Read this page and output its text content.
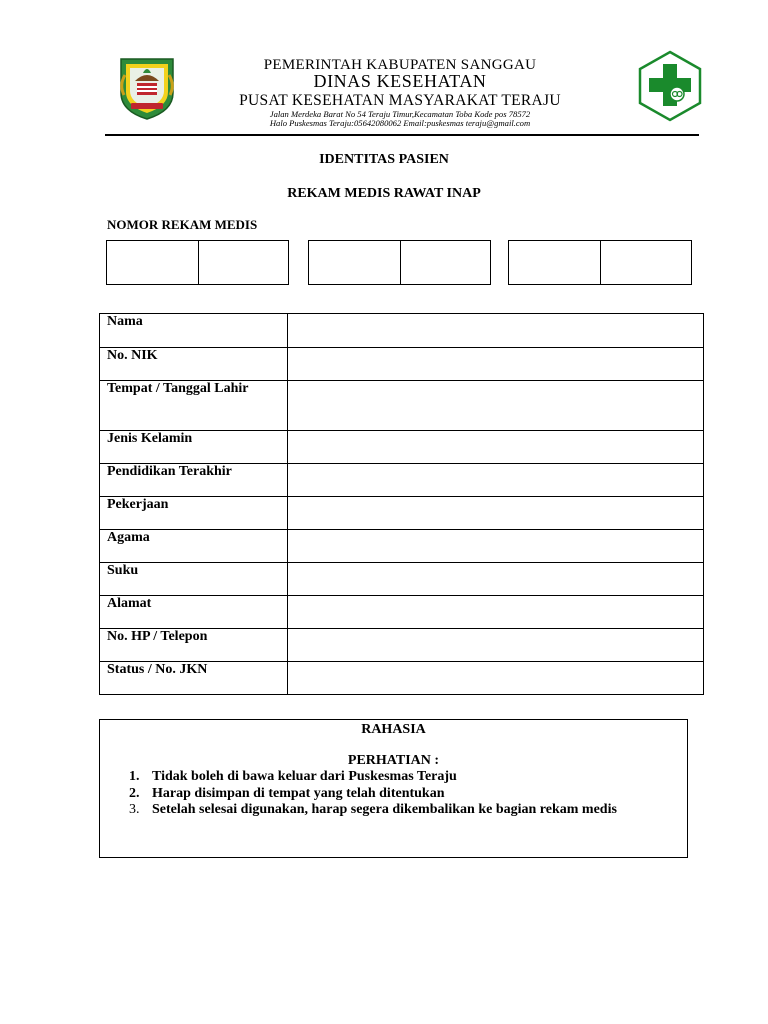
PEMERINTAH KABUPATEN SANGGAU
DINAS KESEHATAN
PUSAT KESEHATAN MASYARAKAT TERAJU
Jalan Merdeka Barat No 54 Teraju Timur,Kecamatan Toba Kode pos 78572
Halo Puskesmas Teraju:05642080062 Email:puskesmas teraju@gmail.com
IDENTITAS PASIEN
REKAM MEDIS RAWAT INAP
NOMOR REKAM MEDIS
Nama	

No. NIK	

Tempat / Tanggal Lahir	

Jenis Kelamin	

Pendidikan Terakhir	

Pekerjaan	

Agama	

Suku	

Alamat	

No. HP / Telepon	

Status / No. JKN	

RAHASIA
PERHATIAN :
1. Tidak boleh di bawa keluar dari Puskesmas Teraju
2. Harap disimpan di tempat yang telah ditentukan
3. Setelah selesai digunakan, harap segera dikembalikan ke bagian rekam medis
